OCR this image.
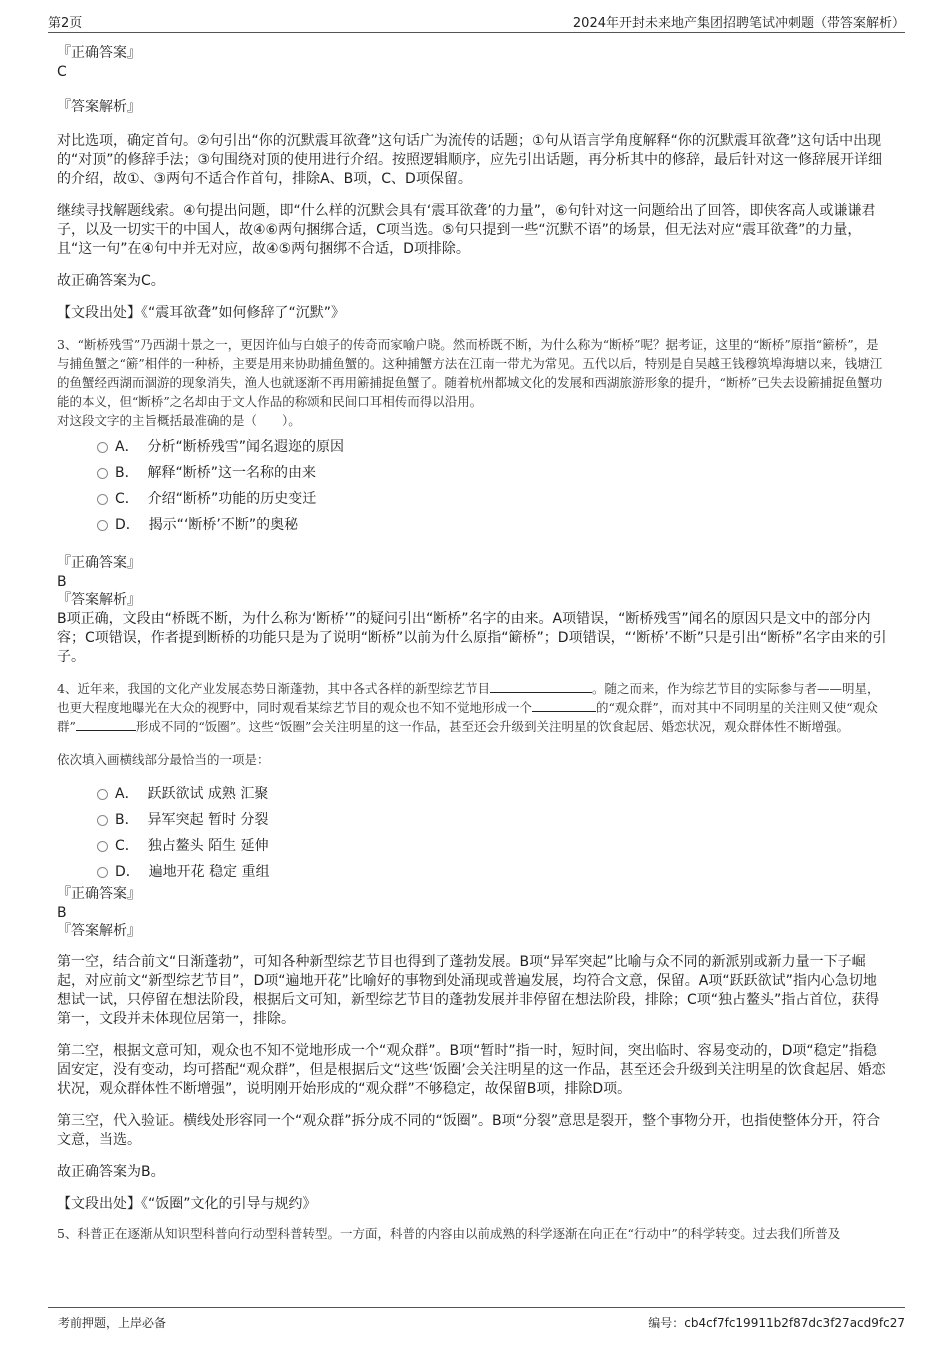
第2页	2024年开封未来地产集团招聘笔试冲刺题（带答案解析）

『正确答案』

C

『答案解析』

对比选项，确定首句。②句引出“你的沉默震耳欲聋”这句话广为流传的话题；①句从语言学角度解释“你的沉默震耳欲聋”这句话中出现的“对顶”的修辞手法；③句围绕对顶的使用进行介绍。按照逻辑顺序，应先引出话题，再分析其中的修辞，最后针对这一修辞展开详细的介绍，故①、③两句不适合作首句，排除A、B项，C、D项保留。

继续寻找解题线索。④句提出问题，即“什么样的沉默会具有‘震耳欲聋’的力量”，⑥句针对这一问题给出了回答，即侠客高人或谦谦君子，以及一切实干的中国人，故④⑥两句捆绑合适，C项当选。⑤句只提到一些“沉默不语”的场景，但无法对应“震耳欲聋”的力量，且“这一句”在④句中并无对应，故④⑤两句捆绑不合适，D项排除。

故正确答案为C。

【文段出处】《“震耳欲聋”如何修辞了“沉默”》

3、“断桥残雪”乃西湖十景之一，更因许仙与白娘子的传奇而家喻户晓。然而桥既不断，为什么称为“断桥”呢？据考证，这里的“断桥”原指“簖桥”，是与捕鱼蟹之“簖”相伴的一种桥，主要是用来协助捕鱼蟹的。这种捕蟹方法在江南一带尤为常见。五代以后，特别是自吴越王钱穆筑埠海塘以来，钱塘江的鱼蟹经西湖而涸游的现象消失，渔人也就逐渐不再用簖捕捉鱼蟹了。随着杭州都城文化的发展和西湖旅游形象的提升，“断桥”已失去设簖捕捉鱼蟹功能的本义，但“断桥”之名却由于文人作品的称颂和民间口耳相传而得以沿用。

对这段文字的主旨概括最准确的是（　　）。

A． 分析“断桥残雪”闻名遐迩的原因
B． 解释“断桥”这一名称的由来
C． 介绍“断桥”功能的历史变迁
D． 揭示“‘断桥’不断”的奥秘

『正确答案』

B

『答案解析』

B项正确，文段由“桥既不断，为什么称为‘断桥’”的疑问引出“断桥”名字的由来。A项错误，“断桥残雪”闻名的原因只是文中的部分内容；C项错误，作者提到断桥的功能只是为了说明“断桥”以前为什么原指“簖桥”；D项错误，“‘断桥’不断”只是引出“断桥”名字由来的引子。

4、近年来，我国的文化产业发展态势日渐蓬勃，其中各式各样的新型综艺节目	。随之而来，作为综艺节目的实际参与者——明星，也更大程度地曝光在大众的视野中，同时观看某综艺节目的观众也不知不觉地形成一个	的“观众群”，而对其中不同明星的关注则又使“观众群”	形成不同的“饭圈”。这些“饭圈”会关注明星的这一作品，甚至还会升级到关注明星的饮食起居、婚恋状况，观众群体性不断增强。

依次填入画横线部分最恰当的一项是：

A． 跃跃欲试 成熟 汇聚
B． 异军突起 暂时 分裂
C． 独占鳌头 陌生 延伸
D． 遍地开花 稳定 重组

『正确答案』

B

『答案解析』

第一空，结合前文“日渐蓬勃”，可知各种新型综艺节目也得到了蓬勃发展。B项“异军突起”比喻与众不同的新派别或新力量一下子崛起，对应前文“新型综艺节目”，D项“遍地开花”比喻好的事物到处涌现或普遍发展，均符合文意，保留。A项“跃跃欲试”指内心急切地想试一试，只停留在想法阶段，根据后文可知，新型综艺节目的蓬勃发展并非停留在想法阶段，排除；C项“独占鳌头”指占首位，获得第一，文段并未体现位居第一，排除。

第二空，根据文意可知，观众也不知不觉地形成一个“观众群”。B项“暂时”指一时，短时间，突出临时、容易变动的，D项“稳定”指稳固安定，没有变动，均可搭配“观众群”，但是根据后文“这些‘饭圈’会关注明星的这一作品，甚至还会升级到关注明星的饮食起居、婚恋状况，观众群体性不断增强”，说明刚开始形成的“观众群”不够稳定，故保留B项，排除D项。

第三空，代入验证。横线处形容同一个“观众群”拆分成不同的“饭圈”。B项“分裂”意思是裂开，整个事物分开，也指使整体分开，符合文意，当选。

故正确答案为B。

【文段出处】《“饭圈”文化的引导与规约》

5、科普正在逐渐从知识型科普向行动型科普转型。一方面，科普的内容由以前成熟的科学逐渐在向正在“行动中”的科学转变。过去我们所普及

考前押题，上岸必备	编号：cb4cf7fc19911b2f87dc3f27acd9fc27
